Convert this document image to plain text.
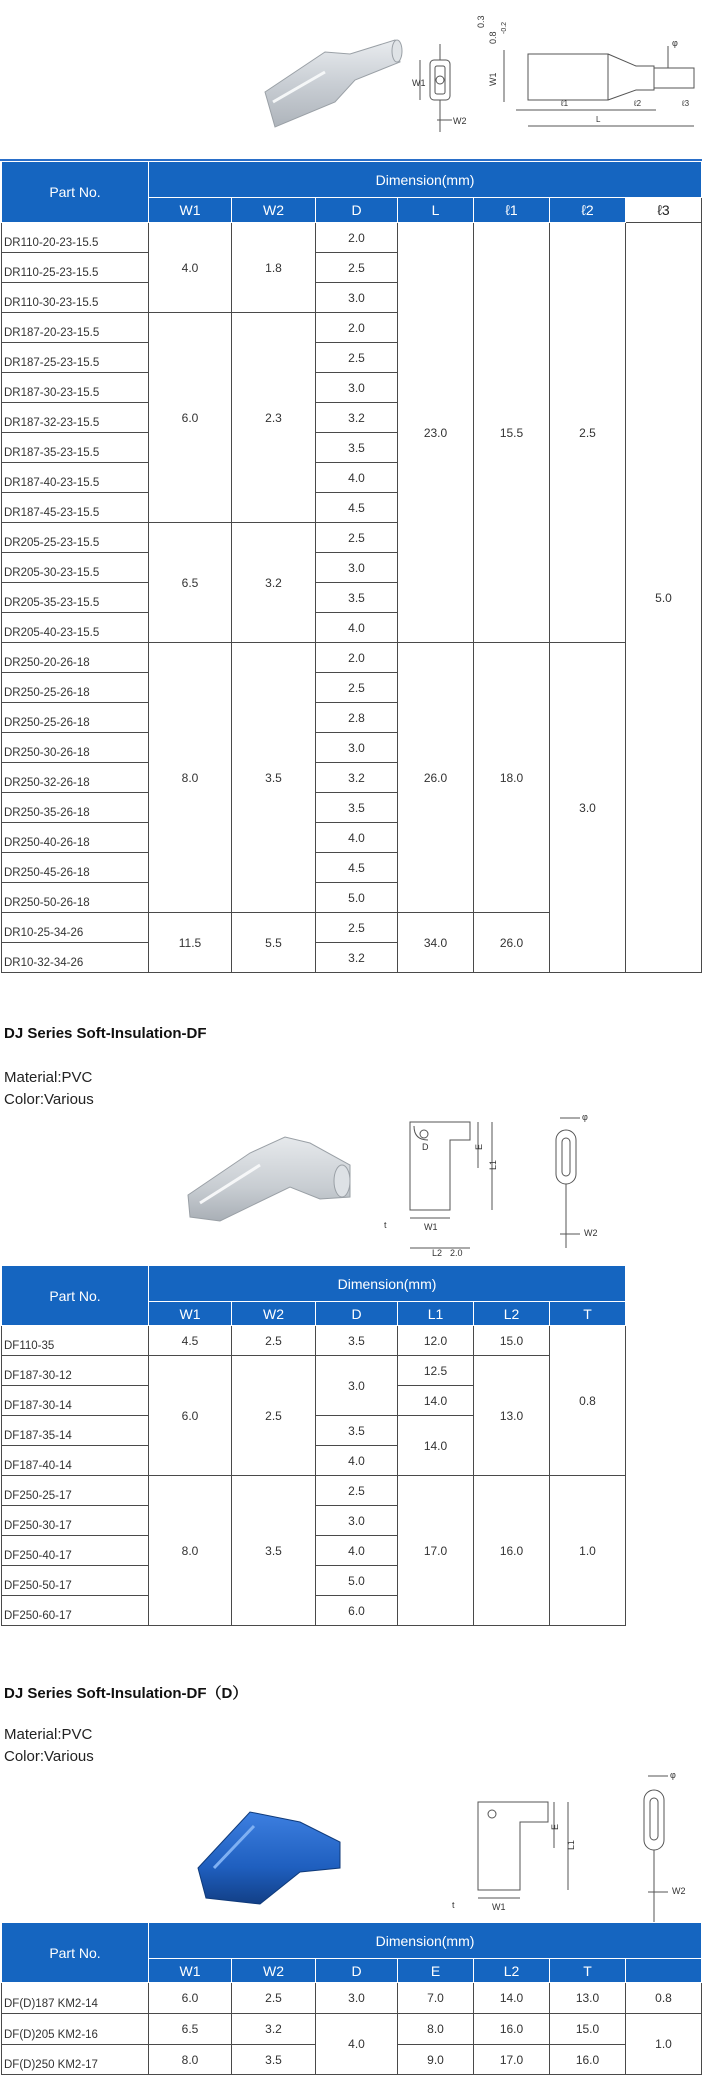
W1
W2
0.3
0.8
-0.2
W1
φ
ℓ1
L
ℓ2	ℓ3
Part No.	Dimension(mm)						
	W1	W2	D	L	ℓ1	ℓ2	ℓ3
DR110-20-23-15.5	4.0	1.8	2.0	23.0	15.5	2.5	5.0
DR110-25-23-15.5			2.5				
DR110-30-23-15.5			3.0				
DR187-20-23-15.5	6.0	2.3	2.0				
DR187-25-23-15.5			2.5				
DR187-30-23-15.5			3.0				
DR187-32-23-15.5			3.2				
DR187-35-23-15.5			3.5				
DR187-40-23-15.5			4.0				
DR187-45-23-15.5			4.5				
DR205-25-23-15.5	6.5	3.2	2.5				
DR205-30-23-15.5			3.0				
DR205-35-23-15.5			3.5				
DR205-40-23-15.5			4.0				
DR250-20-26-18	8.0	3.5	2.0	26.0	18.0	3.0	
DR250-25-26-18			2.5				
DR250-25-26-18			2.8				
DR250-30-26-18			3.0				
DR250-32-26-18			3.2				
DR250-35-26-18			3.5				
DR250-40-26-18			4.0				
DR250-45-26-18			4.5				
DR250-50-26-18			5.0				
DR10-25-34-26	11.5	5.5	2.5	34.0	26.0		
DR10-32-34-26			3.2				
DJ Series Soft-Insulation-DF
Material:PVC
Color:Various
D	E
L1
W1
L2 2.0
t
φ
W2
Part No.	Dimension(mm)					
	W1	W2	D	L1	L2	T
DF110-35	4.5	2.5	3.5	12.0	15.0	0.8
DF187-30-12	6.0	2.5	3.0	12.5	13.0	
DF187-30-14				14.0		
DF187-35-14			3.5	14.0		
DF187-40-14			4.0			
DF250-25-17	8.0	3.5	2.5	17.0	16.0	1.0
DF250-30-17			3.0			
DF250-40-17			4.0			
DF250-50-17			5.0			
DF250-60-17			6.0			
DJ Series Soft-Insulation-DF（D）
Material:PVC
Color:Various
E
L1
W1
t
φ
W2
Part No.	Dimension(mm)						
	W1	W2	D	E	L2	T	
DF(D)187 KM2-14	6.0	2.5	3.0	7.0	14.0	13.0	0.8
DF(D)205 KM2-16	6.5	3.2	4.0	8.0	16.0	15.0	1.0
DF(D)250 KM2-17	8.0	3.5		9.0	17.0	16.0	
